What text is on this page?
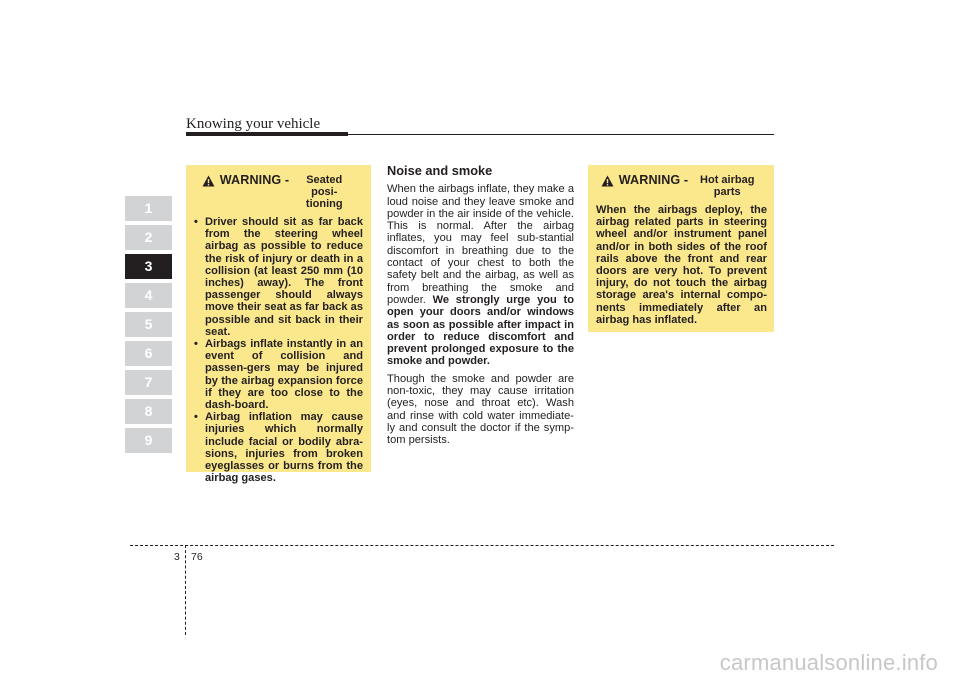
Knowing your vehicle
1
2
3
4
5
6
7
8
9
WARNING -	Seated posi-tioning
• Driver should sit as far back from the steering wheel airbag as possible to reduce the risk of injury or death in a collision (at least 250 mm (10 inches) away). The front passenger should always move their seat as far back as possible and sit back in their seat.
• Airbags inflate instantly in an event of collision and passen-gers may be injured by the airbag expansion force if they are too close to the dash-board.
• Airbag inflation may cause injuries which normally include facial or bodily abra-sions, injuries from broken eyeglasses or burns from the airbag gases.
Noise and smoke

When the airbags inflate, they make a loud noise and they leave smoke and powder in the air inside of the vehicle. This is normal. After the airbag inflates, you may feel sub-stantial discomfort in breathing due to the contact of your chest to both the safety belt and the airbag, as well as from breathing the smoke and powder. We strongly urge you to open your doors and/or windows as soon as possible after impact in order to reduce discomfort and prevent prolonged exposure to the smoke and powder.

Though the smoke and powder are non-toxic, they may cause irritation (eyes, nose and throat etc). Wash and rinse with cold water immediate-ly and consult the doctor if the symp-tom persists.

WARNING -	Hot airbag parts
When the airbags deploy, the airbag related parts in steering wheel and/or instrument panel and/or in both sides of the roof rails above the front and rear doors are very hot. To prevent injury, do not touch the airbag storage area's internal compo-nents immediately after an airbag has inflated.
3 76
carmanualsonline.info
